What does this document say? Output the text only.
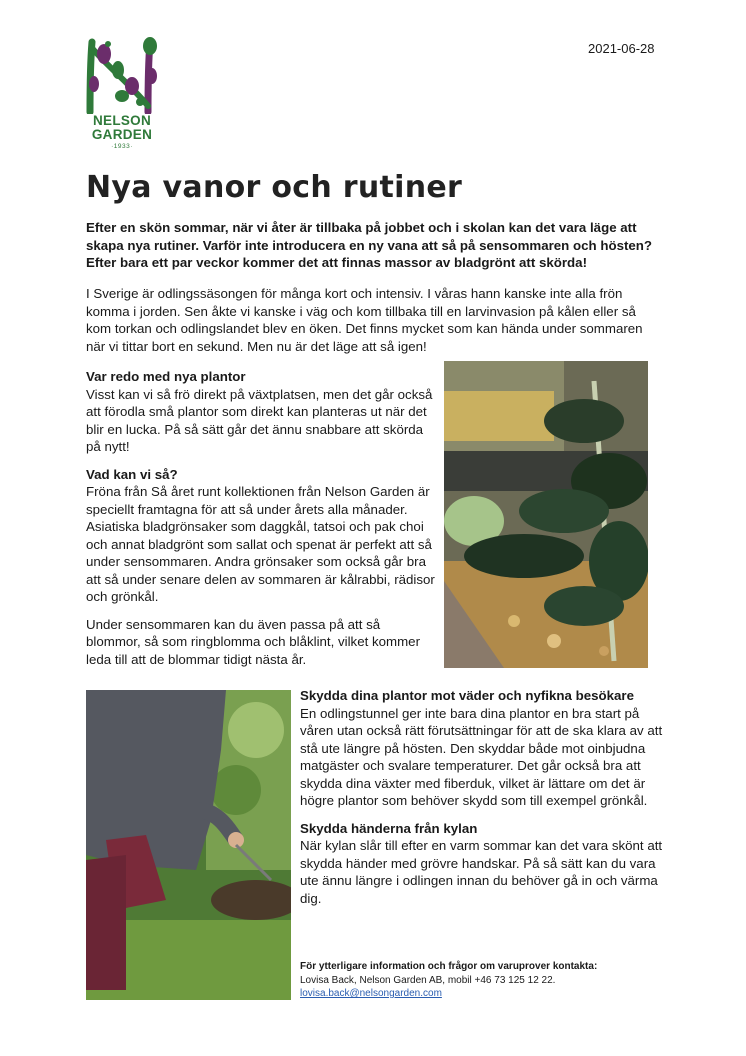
NELSON
GARDEN
·1933·
2021-06-28
Nya vanor och rutiner
Efter en skön sommar, när vi åter är tillbaka på jobbet och i skolan kan det vara läge att skapa nya rutiner. Varför inte introducera en ny vana att så på sensommaren och hösten? Efter bara ett par veckor kommer det att finnas massor av bladgrönt att skörda!
I Sverige är odlingssäsongen för många kort och intensiv. I våras hann kanske inte alla frön komma i jorden. Sen åkte vi kanske i väg och kom tillbaka till en larvinvasion på kålen eller så kom torkan och odlingslandet blev en öken. Det finns mycket som kan hända under sommaren när vi tittar bort en sekund. Men nu är det läge att så igen!
Var redo med nya plantor

Visst kan vi så frö direkt på växtplatsen, men det går också att förodla små plantor som direkt kan planteras ut när det blir en lucka. På så sätt går det ännu snabbare att skörda på nytt!

Vad kan vi så?

Fröna från Så året runt kollektionen från Nelson Garden är speciellt framtagna för att så under årets alla månader. Asiatiska bladgrönsaker som daggkål, tatsoi och pak choi och annat bladgrönt som sallat och spenat är perfekt att så under sensommaren. Andra grönsaker som också går bra att så under senare delen av sommaren är kålrabbi, rädisor och grönkål.

Under sensommaren kan du även passa på att så blommor, så som ringblomma och blåklint, vilket kommer leda till att de blommar tidigt nästa år.

Skydda dina plantor mot väder och nyfikna besökare

En odlingstunnel ger inte bara dina plantor en bra start på våren utan också rätt förutsättningar för att de ska klara av att stå ute längre på hösten. Den skyddar både mot oinbjudna matgäster och svalare temperaturer. Det går också bra att skydda dina växter med fiberduk, vilket är lättare om det är högre plantor som behöver skydd som till exempel grönkål.

Skydda händerna från kylan

När kylan slår till efter en varm sommar kan det vara skönt att skydda händer med grövre handskar. På så sätt kan du vara ute ännu längre i odlingen innan du behöver gå in och värma dig.

För ytterligare information och frågor om varuprover kontakta:
Lovisa Back, Nelson Garden AB, mobil +46 73 125 12 22.
lovisa.back@nelsongarden.com
